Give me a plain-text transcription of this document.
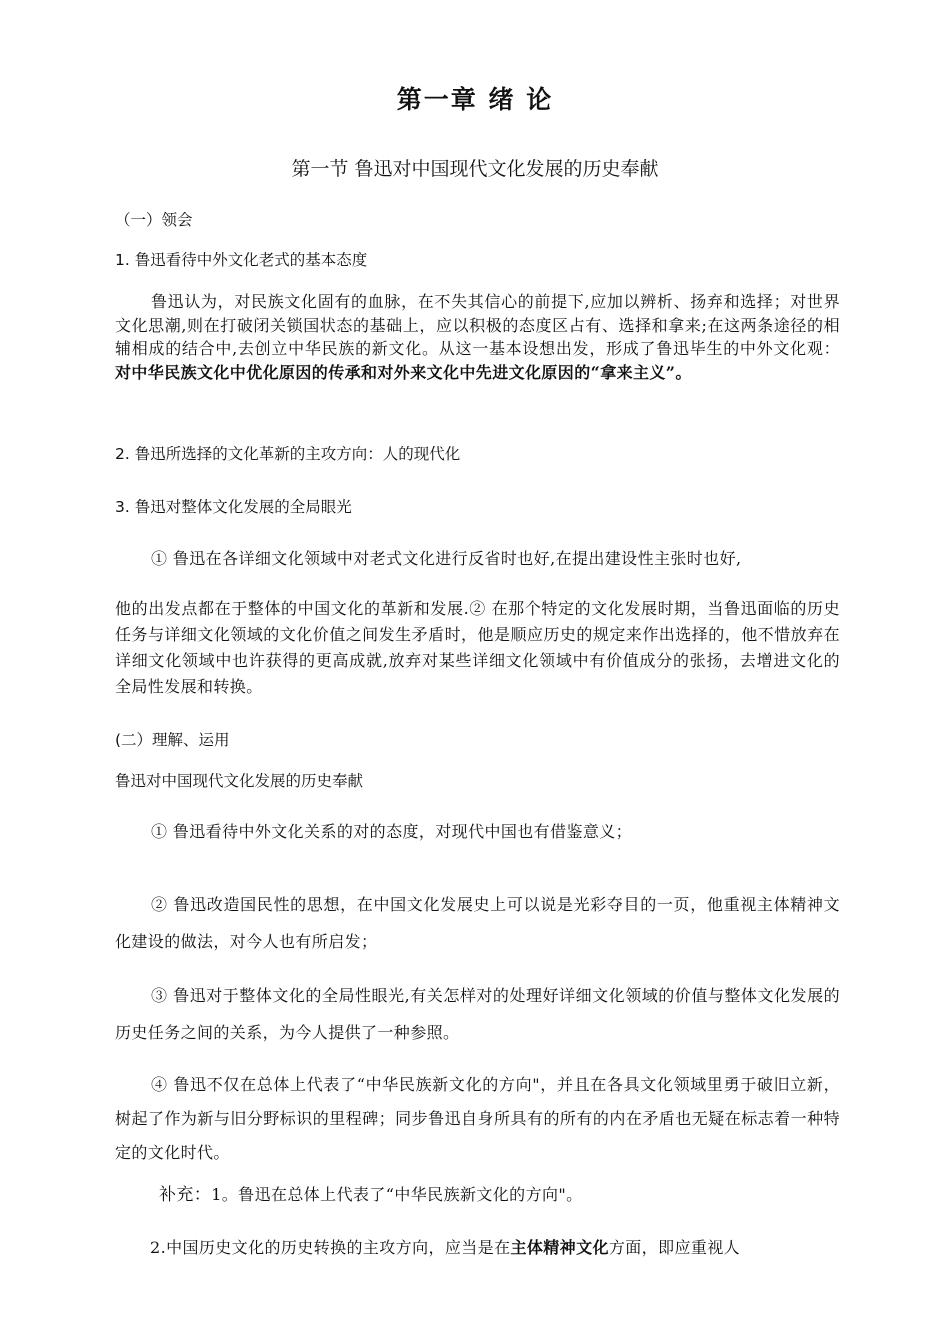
第一章 绪 论
第一节 鲁迅对中国现代文化发展的历史奉献
（一）领会
1. 鲁迅看待中外文化老式的基本态度

鲁迅认为，对民族文化固有的血脉，在不失其信心的前提下,应加以辨析、扬弃和选择；对世界文化思潮,则在打破闭关锁国状态的基础上，应以积极的态度区占有、选择和拿来;在这两条途径的相辅相成的结合中,去创立中华民族的新文化。从这一基本设想出发，形成了鲁迅毕生的中外文化观：对中华民族文化中优化原因的传承和对外来文化中先进文化原因的“拿来主义”。

2. 鲁迅所选择的文化革新的主攻方向：人的现代化
3. 鲁迅对整体文化发展的全局眼光

① 鲁迅在各详细文化领域中对老式文化进行反省时也好,在提出建设性主张时也好,

他的出发点都在于整体的中国文化的革新和发展.② 在那个特定的文化发展时期，当鲁迅面临的历史任务与详细文化领域的文化价值之间发生矛盾时，他是顺应历史的规定来作出选择的，他不惜放弃在详细文化领域中也许获得的更高成就,放弃对某些详细文化领域中有价值成分的张扬，去增进文化的全局性发展和转换。

(二）理解、运用
鲁迅对中国现代文化发展的历史奉献

① 鲁迅看待中外文化关系的对的态度，对现代中国也有借鉴意义；

② 鲁迅改造国民性的思想，在中国文化发展史上可以说是光彩夺目的一页，他重视主体精神文化建设的做法，对今人也有所启发；

③ 鲁迅对于整体文化的全局性眼光,有关怎样对的处理好详细文化领域的价值与整体文化发展的历史任务之间的关系，为今人提供了一种参照。

④ 鲁迅不仅在总体上代表了“中华民族新文化的方向"，并且在各具文化领域里勇于破旧立新，树起了作为新与旧分野标识的里程碑；同步鲁迅自身所具有的所有的内在矛盾也无疑在标志着一种特定的文化时代。

补充：1。鲁迅在总体上代表了“中华民族新文化的方向"。

2.中国历史文化的历史转换的主攻方向，应当是在主体精神文化方面，即应重视人
